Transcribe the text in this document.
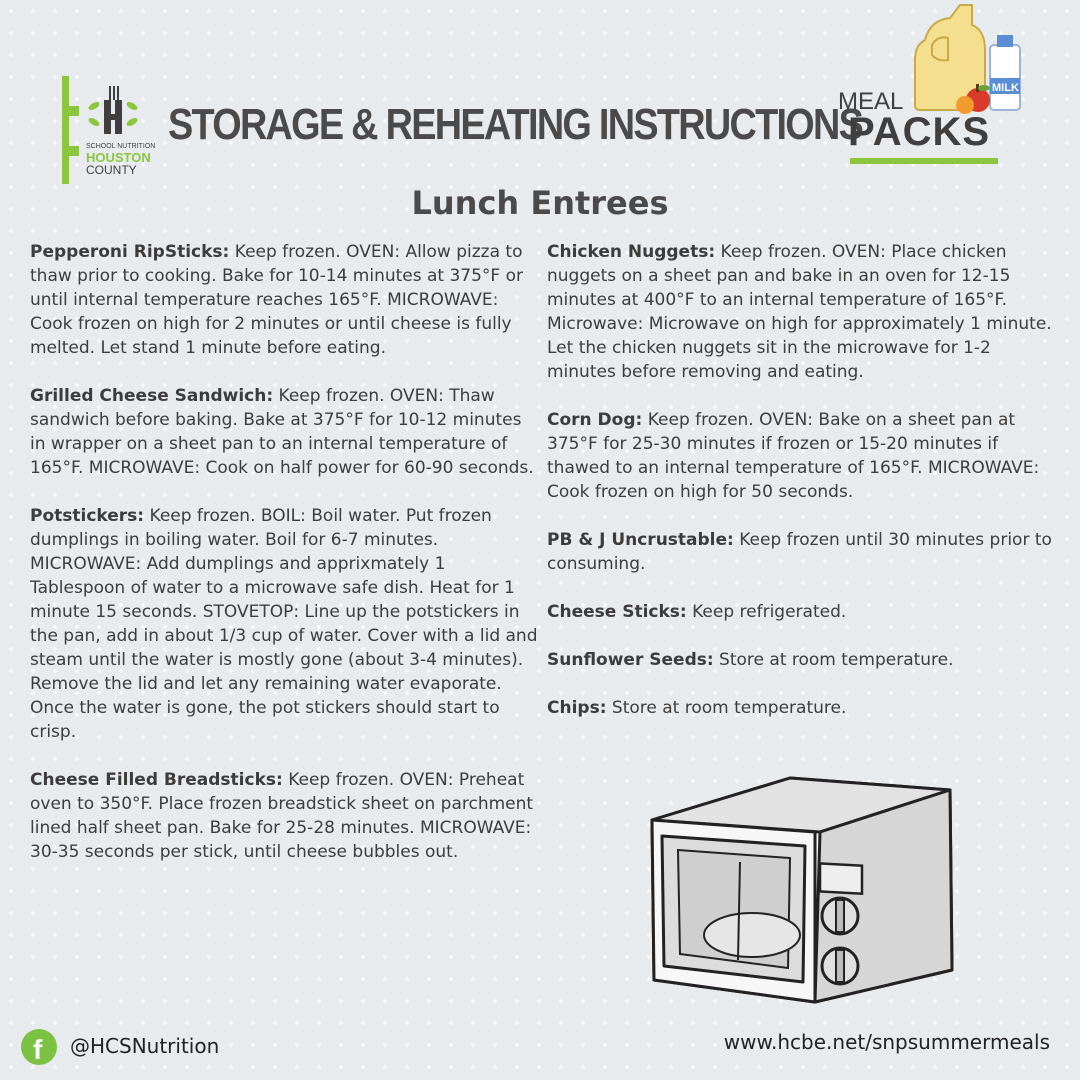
SCHOOL NUTRITION
HOUSTON
COUNTY
STORAGE & REHEATING INSTRUCTIONS
MILK
MEAL
PACKS
Lunch Entrees

Pepperoni RipSticks: Keep frozen. OVEN: Allow pizza to thaw prior to cooking. Bake for 10-14 minutes at 375°F or until internal temperature reaches 165°F. MICROWAVE: Cook frozen on high for 2 minutes or until cheese is fully melted. Let stand 1 minute before eating.

Grilled Cheese Sandwich: Keep frozen. OVEN: Thaw sandwich before baking. Bake at 375°F for 10-12 minutes in wrapper on a sheet pan to an internal temperature of 165°F. MICROWAVE: Cook on half power for 60-90 seconds.

Potstickers: Keep frozen. BOIL: Boil water. Put frozen dumplings in boiling water. Boil for 6-7 minutes. MICROWAVE: Add dumplings and apprixmately 1 Tablespoon of water to a microwave safe dish. Heat for 1 minute 15 seconds. STOVETOP: Line up the potstickers in the pan, add in about 1/3 cup of water. Cover with a lid and steam until the water is mostly gone (about 3-4 minutes). Remove the lid and let any remaining water evaporate. Once the water is gone, the pot stickers should start to crisp.

Cheese Filled Breadsticks: Keep frozen. OVEN: Preheat oven to 350°F. Place frozen breadstick sheet on parchment lined half sheet pan. Bake for 25-28 minutes. MICROWAVE: 30-35 seconds per stick, until cheese bubbles out.

Chicken Nuggets: Keep frozen. OVEN: Place chicken nuggets on a sheet pan and bake in an oven for 12-15 minutes at 400°F to an internal temperature of 165°F. Microwave: Microwave on high for approximately 1 minute. Let the chicken nuggets sit in the microwave for 1-2 minutes before removing and eating.

Corn Dog: Keep frozen. OVEN: Bake on a sheet pan at 375°F for 25-30 minutes if frozen or 15-20 minutes if thawed to an internal temperature of 165°F. MICROWAVE: Cook frozen on high for 50 seconds.

PB & J Uncrustable: Keep frozen until 30 minutes prior to consuming.

Cheese Sticks: Keep refrigerated.

Sunflower Seeds: Store at room temperature.

Chips: Store at room temperature.

f @HCSNutrition	www.hcbe.net/snpsummermeals
